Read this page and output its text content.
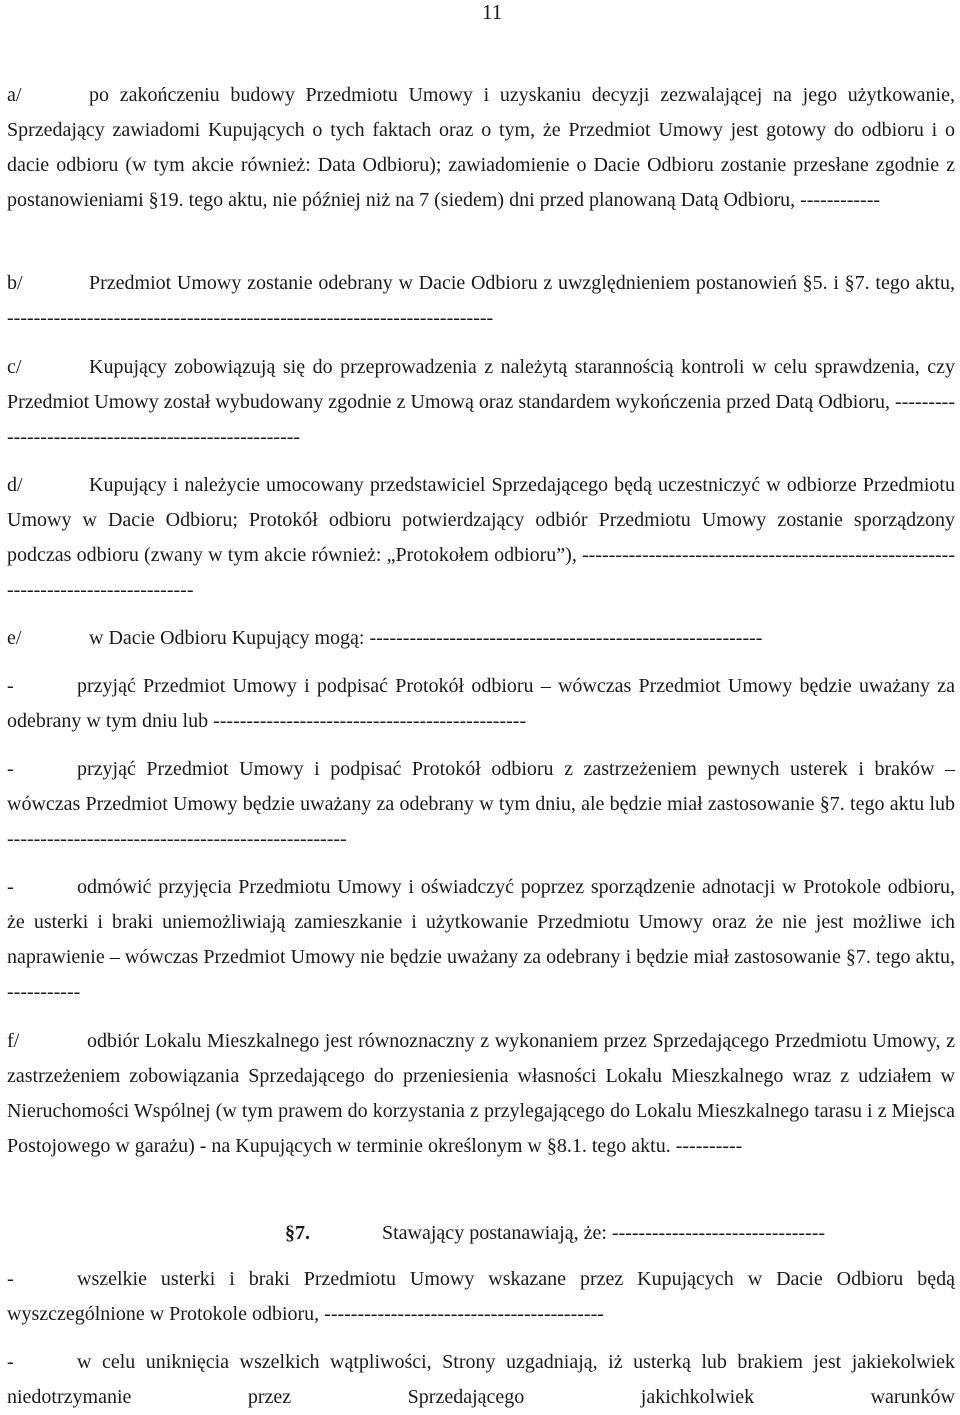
11
a/	po zakończeniu budowy Przedmiotu Umowy i uzyskaniu decyzji zezwalającej na jego użytkowanie, Sprzedający zawiadomi Kupujących o tych faktach oraz o tym, że Przedmiot Umowy jest gotowy do odbioru i o dacie odbioru (w tym akcie również: Data Odbioru); zawiadomienie o Dacie Odbioru zostanie przesłane zgodnie z postanowieniami §19. tego aktu, nie później niż na 7 (siedem) dni przed planowaną Datą Odbioru, ------------
b/	Przedmiot Umowy zostanie odebrany w Dacie Odbioru z uwzględnieniem postanowień §5. i §7. tego aktu, -------------------------------------------------------------------------
c/	Kupujący zobowiązują się do przeprowadzenia z należytą starannością kontroli w celu sprawdzenia, czy Przedmiot Umowy został wybudowany zgodnie z Umową oraz standardem wykończenia przed Datą Odbioru, -----------------------------------------------------
d/	Kupujący i należycie umocowany przedstawiciel Sprzedającego będą uczestniczyć w odbiorze Przedmiotu Umowy w Dacie Odbioru; Protokół odbioru potwierdzający odbiór Przedmiotu Umowy zostanie sporządzony podczas odbioru (zwany w tym akcie również: „Protokołem odbioru”), ------------------------------------------------------------------------------------
e/	w Dacie Odbioru Kupujący mogą: -----------------------------------------------------------
-	przyjąć Przedmiot Umowy i podpisać Protokół odbioru – wówczas Przedmiot Umowy będzie uważany za odebrany w tym dniu lub -----------------------------------------------
-	przyjąć Przedmiot Umowy i podpisać Protokół odbioru z zastrzeżeniem pewnych usterek i braków – wówczas Przedmiot Umowy będzie uważany za odebrany w tym dniu, ale będzie miał zastosowanie §7. tego aktu lub ---------------------------------------------------
-	odmówić przyjęcia Przedmiotu Umowy i oświadczyć poprzez sporządzenie adnotacji w Protokole odbioru, że usterki i braki uniemożliwiają zamieszkanie i użytkowanie Przedmiotu Umowy oraz że nie jest możliwe ich naprawienie – wówczas Przedmiot Umowy nie będzie uważany za odebrany i będzie miał zastosowanie §7. tego aktu, -----------
f/	odbiór Lokalu Mieszkalnego jest równoznaczny z wykonaniem przez Sprzedającego Przedmiotu Umowy, z zastrzeżeniem zobowiązania Sprzedającego do przeniesienia własności Lokalu Mieszkalnego wraz z udziałem w Nieruchomości Wspólnej (w tym prawem do korzystania z przylegającego do Lokalu Mieszkalnego tarasu i z Miejsca Postojowego w garażu) - na Kupujących w terminie określonym w §8.1. tego aktu. ----------
§7.	Stawający postanawiają, że: --------------------------------
-	wszelkie usterki i braki Przedmiotu Umowy wskazane przez Kupujących w Dacie Odbioru będą wyszczególnione w Protokole odbioru, ------------------------------------------
-	w celu uniknięcia wszelkich wątpliwości, Strony uzgadniają, iż usterką lub brakiem jest jakiekolwiek niedotrzymanie przez Sprzedającego jakichkolwiek warunków
